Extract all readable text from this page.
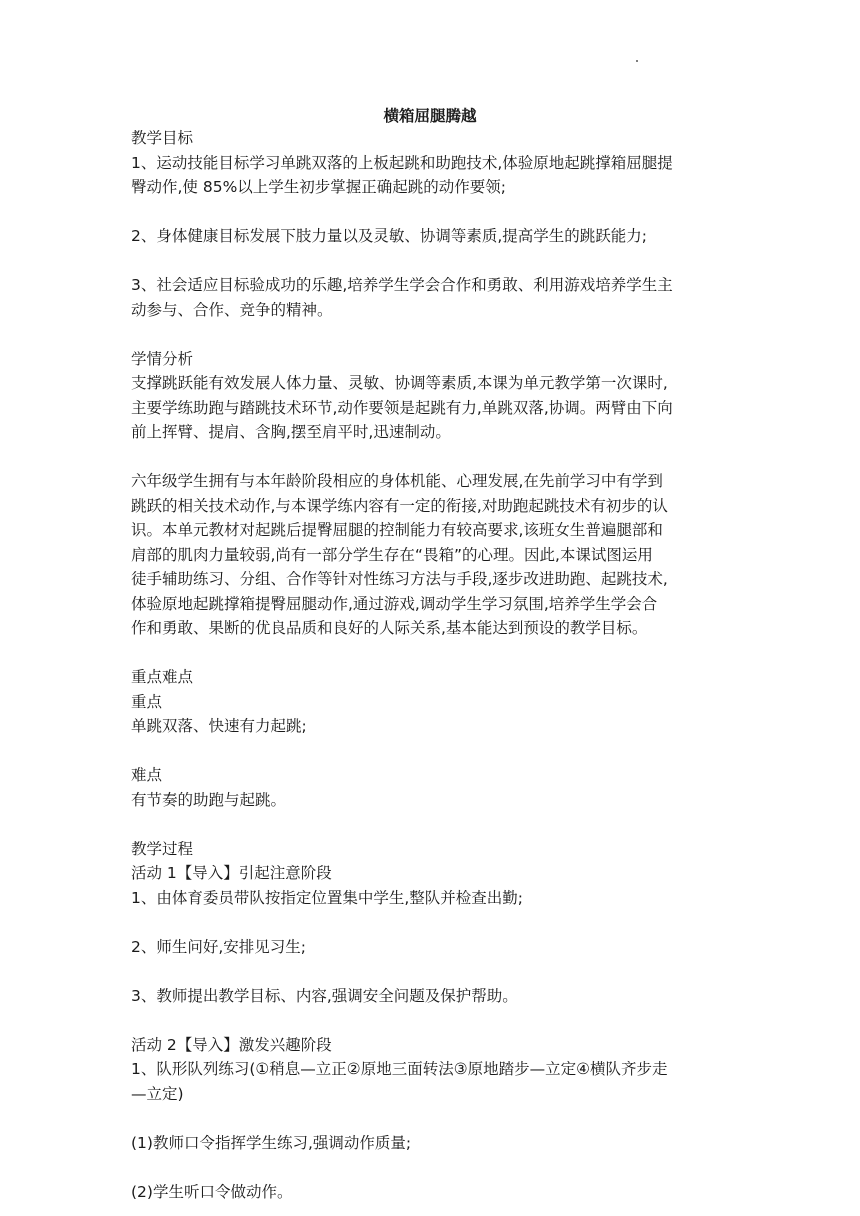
横箱屈腿腾越
教学目标
1、运动技能目标学习单跳双落的上板起跳和助跑技术,体验原地起跳撑箱屈腿提
臀动作,使 85%以上学生初步掌握正确起跳的动作要领;
2、身体健康目标发展下肢力量以及灵敏、协调等素质,提高学生的跳跃能力;
3、社会适应目标验成功的乐趣,培养学生学会合作和勇敢、利用游戏培养学生主
动参与、合作、竞争的精神。
学情分析
支撑跳跃能有效发展人体力量、灵敏、协调等素质,本课为单元教学第一次课时,
主要学练助跑与踏跳技术环节,动作要领是起跳有力,单跳双落,协调。两臂由下向
前上挥臂、提肩、含胸,摆至肩平时,迅速制动。
六年级学生拥有与本年龄阶段相应的身体机能、心理发展,在先前学习中有学到
跳跃的相关技术动作,与本课学练内容有一定的衔接,对助跑起跳技术有初步的认
识。本单元教材对起跳后提臀屈腿的控制能力有较高要求,该班女生普遍腿部和
肩部的肌肉力量较弱,尚有一部分学生存在“畏箱”的心理。因此,本课试图运用
徒手辅助练习、分组、合作等针对性练习方法与手段,逐步改进助跑、起跳技术,
体验原地起跳撑箱提臀屈腿动作,通过游戏,调动学生学习氛围,培养学生学会合
作和勇敢、果断的优良品质和良好的人际关系,基本能达到预设的教学目标。
重点难点
重点
单跳双落、快速有力起跳;
难点
有节奏的助跑与起跳。
教学过程
活动 1【导入】引起注意阶段
1、由体育委员带队按指定位置集中学生,整队并检查出勤;
2、师生问好,安排见习生;
3、教师提出教学目标、内容,强调安全问题及保护帮助。
活动 2【导入】激发兴趣阶段
1、队形队列练习(①稍息—立正②原地三面转法③原地踏步—立定④横队齐步走
—立定)
(1)教师口令指挥学生练习,强调动作质量;
(2)学生听口令做动作。
